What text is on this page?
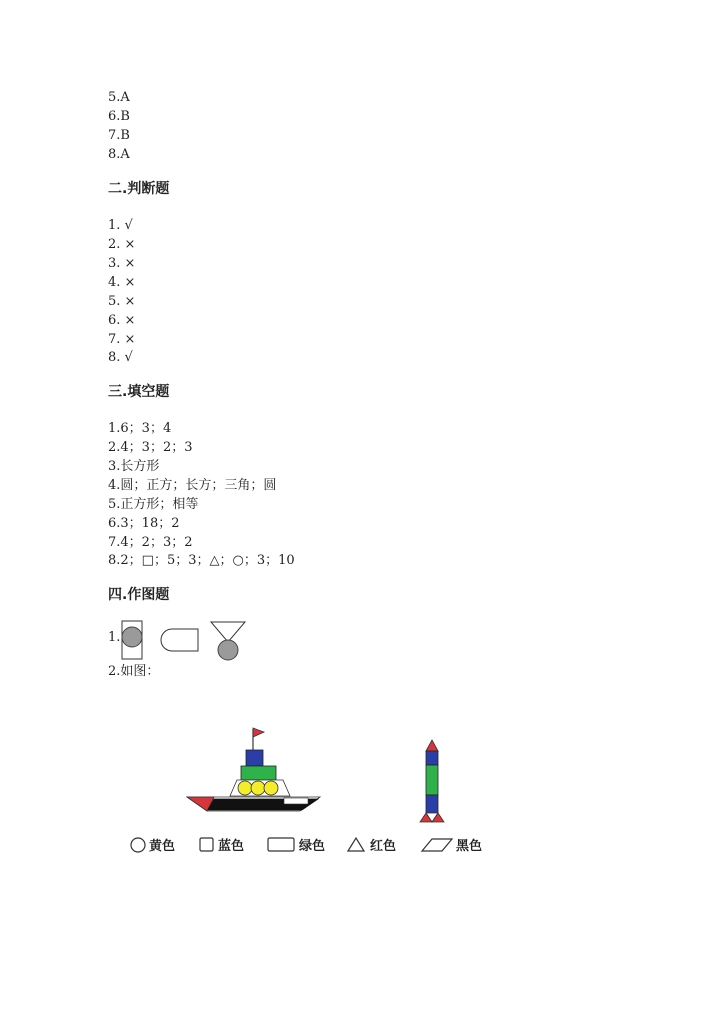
5.A
6.B
7.B
8.A
二.判断题
1. √
2. ×
3. ×
4. ×
5. ×
6. ×
7. ×
8. √
三.填空题
1.6；3；4
2.4；3；2；3
3.长方形
4.圆；正方；长方；三角；圆
5.正方形；相等
6.3；18；2
7.4；2；3；2
8.2；□；5；3；△；○；3；10
四.作图题
1.
2.如图：
黄色	蓝色	绿色	红色	黑色
